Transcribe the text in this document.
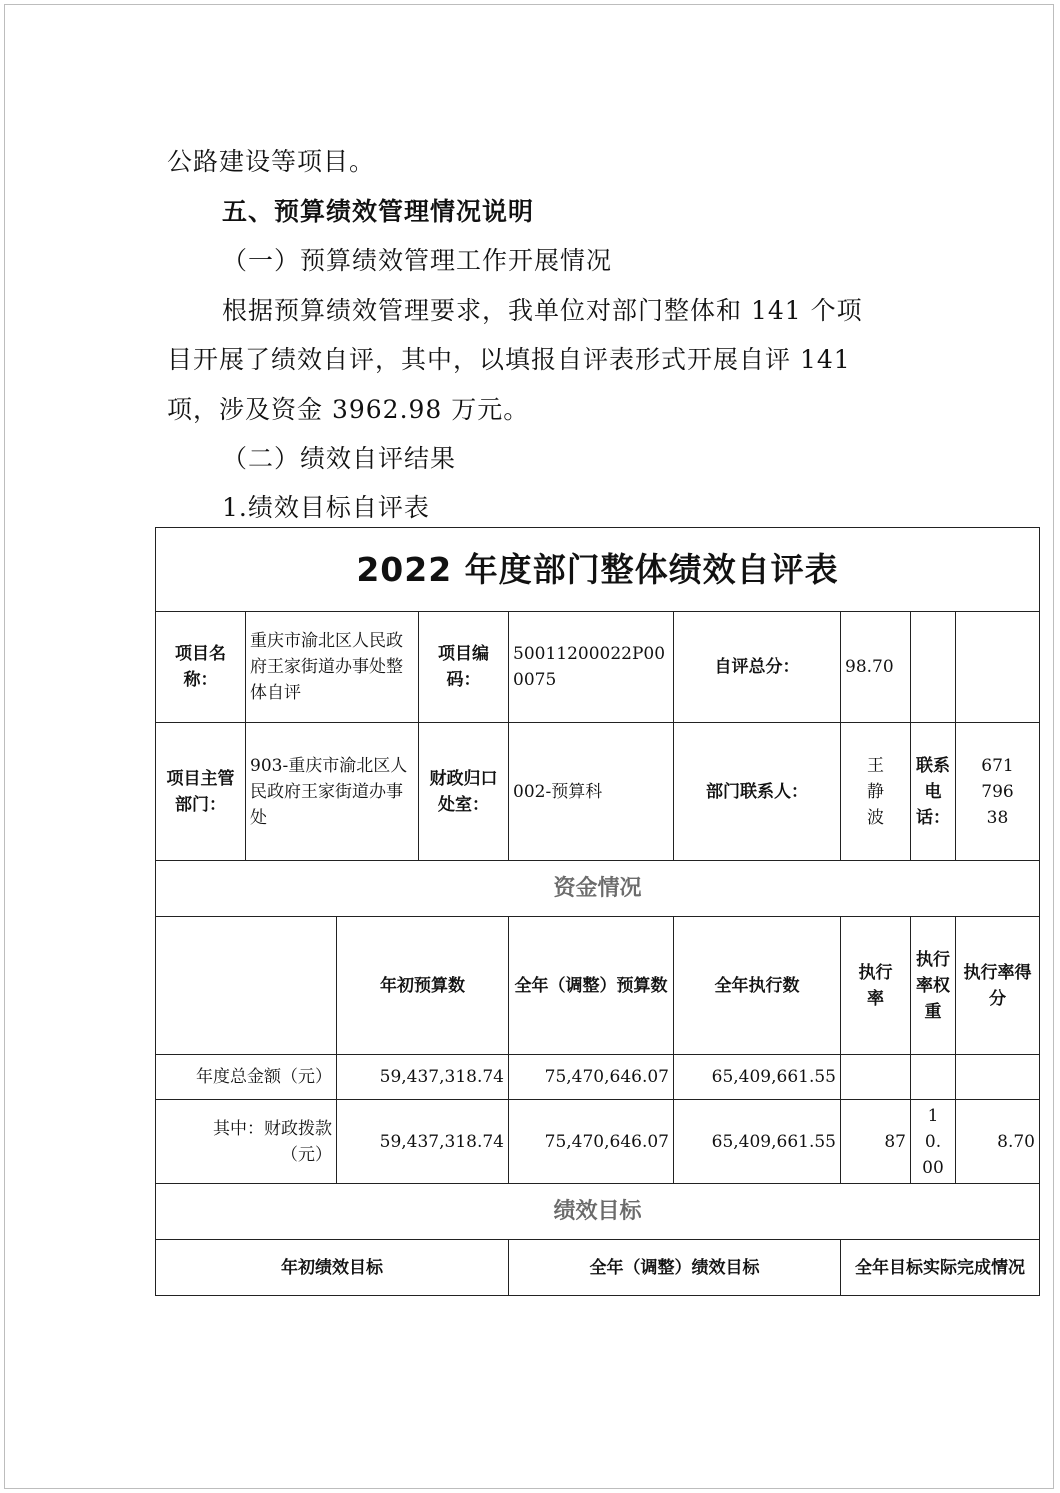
公路建设等项目。
五、预算绩效管理情况说明
（一）预算绩效管理工作开展情况
根据预算绩效管理要求，我单位对部门整体和 141 个项
目开展了绩效自评，其中，以填报自评表形式开展自评 141
项，涉及资金 3962.98 万元。
（二）绩效自评结果
1.绩效目标自评表
2022 年度部门整体绩效自评表								
项目名称：	重庆市渝北区人民政府王家街道办事处整体自评		项目编码：	50011200022P000075	自评总分：	98.70		
项目主管部门：	903-重庆市渝北区人民政府王家街道办事处		财政归口处室：	002-预算科	部门联系人：	王静波	联系电话：	67179638
资金情况								
		年初预算数		全年（调整）预算数	全年执行数	执行率	执行率权重	执行率得分
年度总金额（元）		59,437,318.74		75,470,646.07	65,409,661.55			
其中：财政拨款（元）		59,437,318.74		75,470,646.07	65,409,661.55	87	10.00	8.70
绩效目标								
年初绩效目标				全年（调整）绩效目标		全年目标实际完成情况		
